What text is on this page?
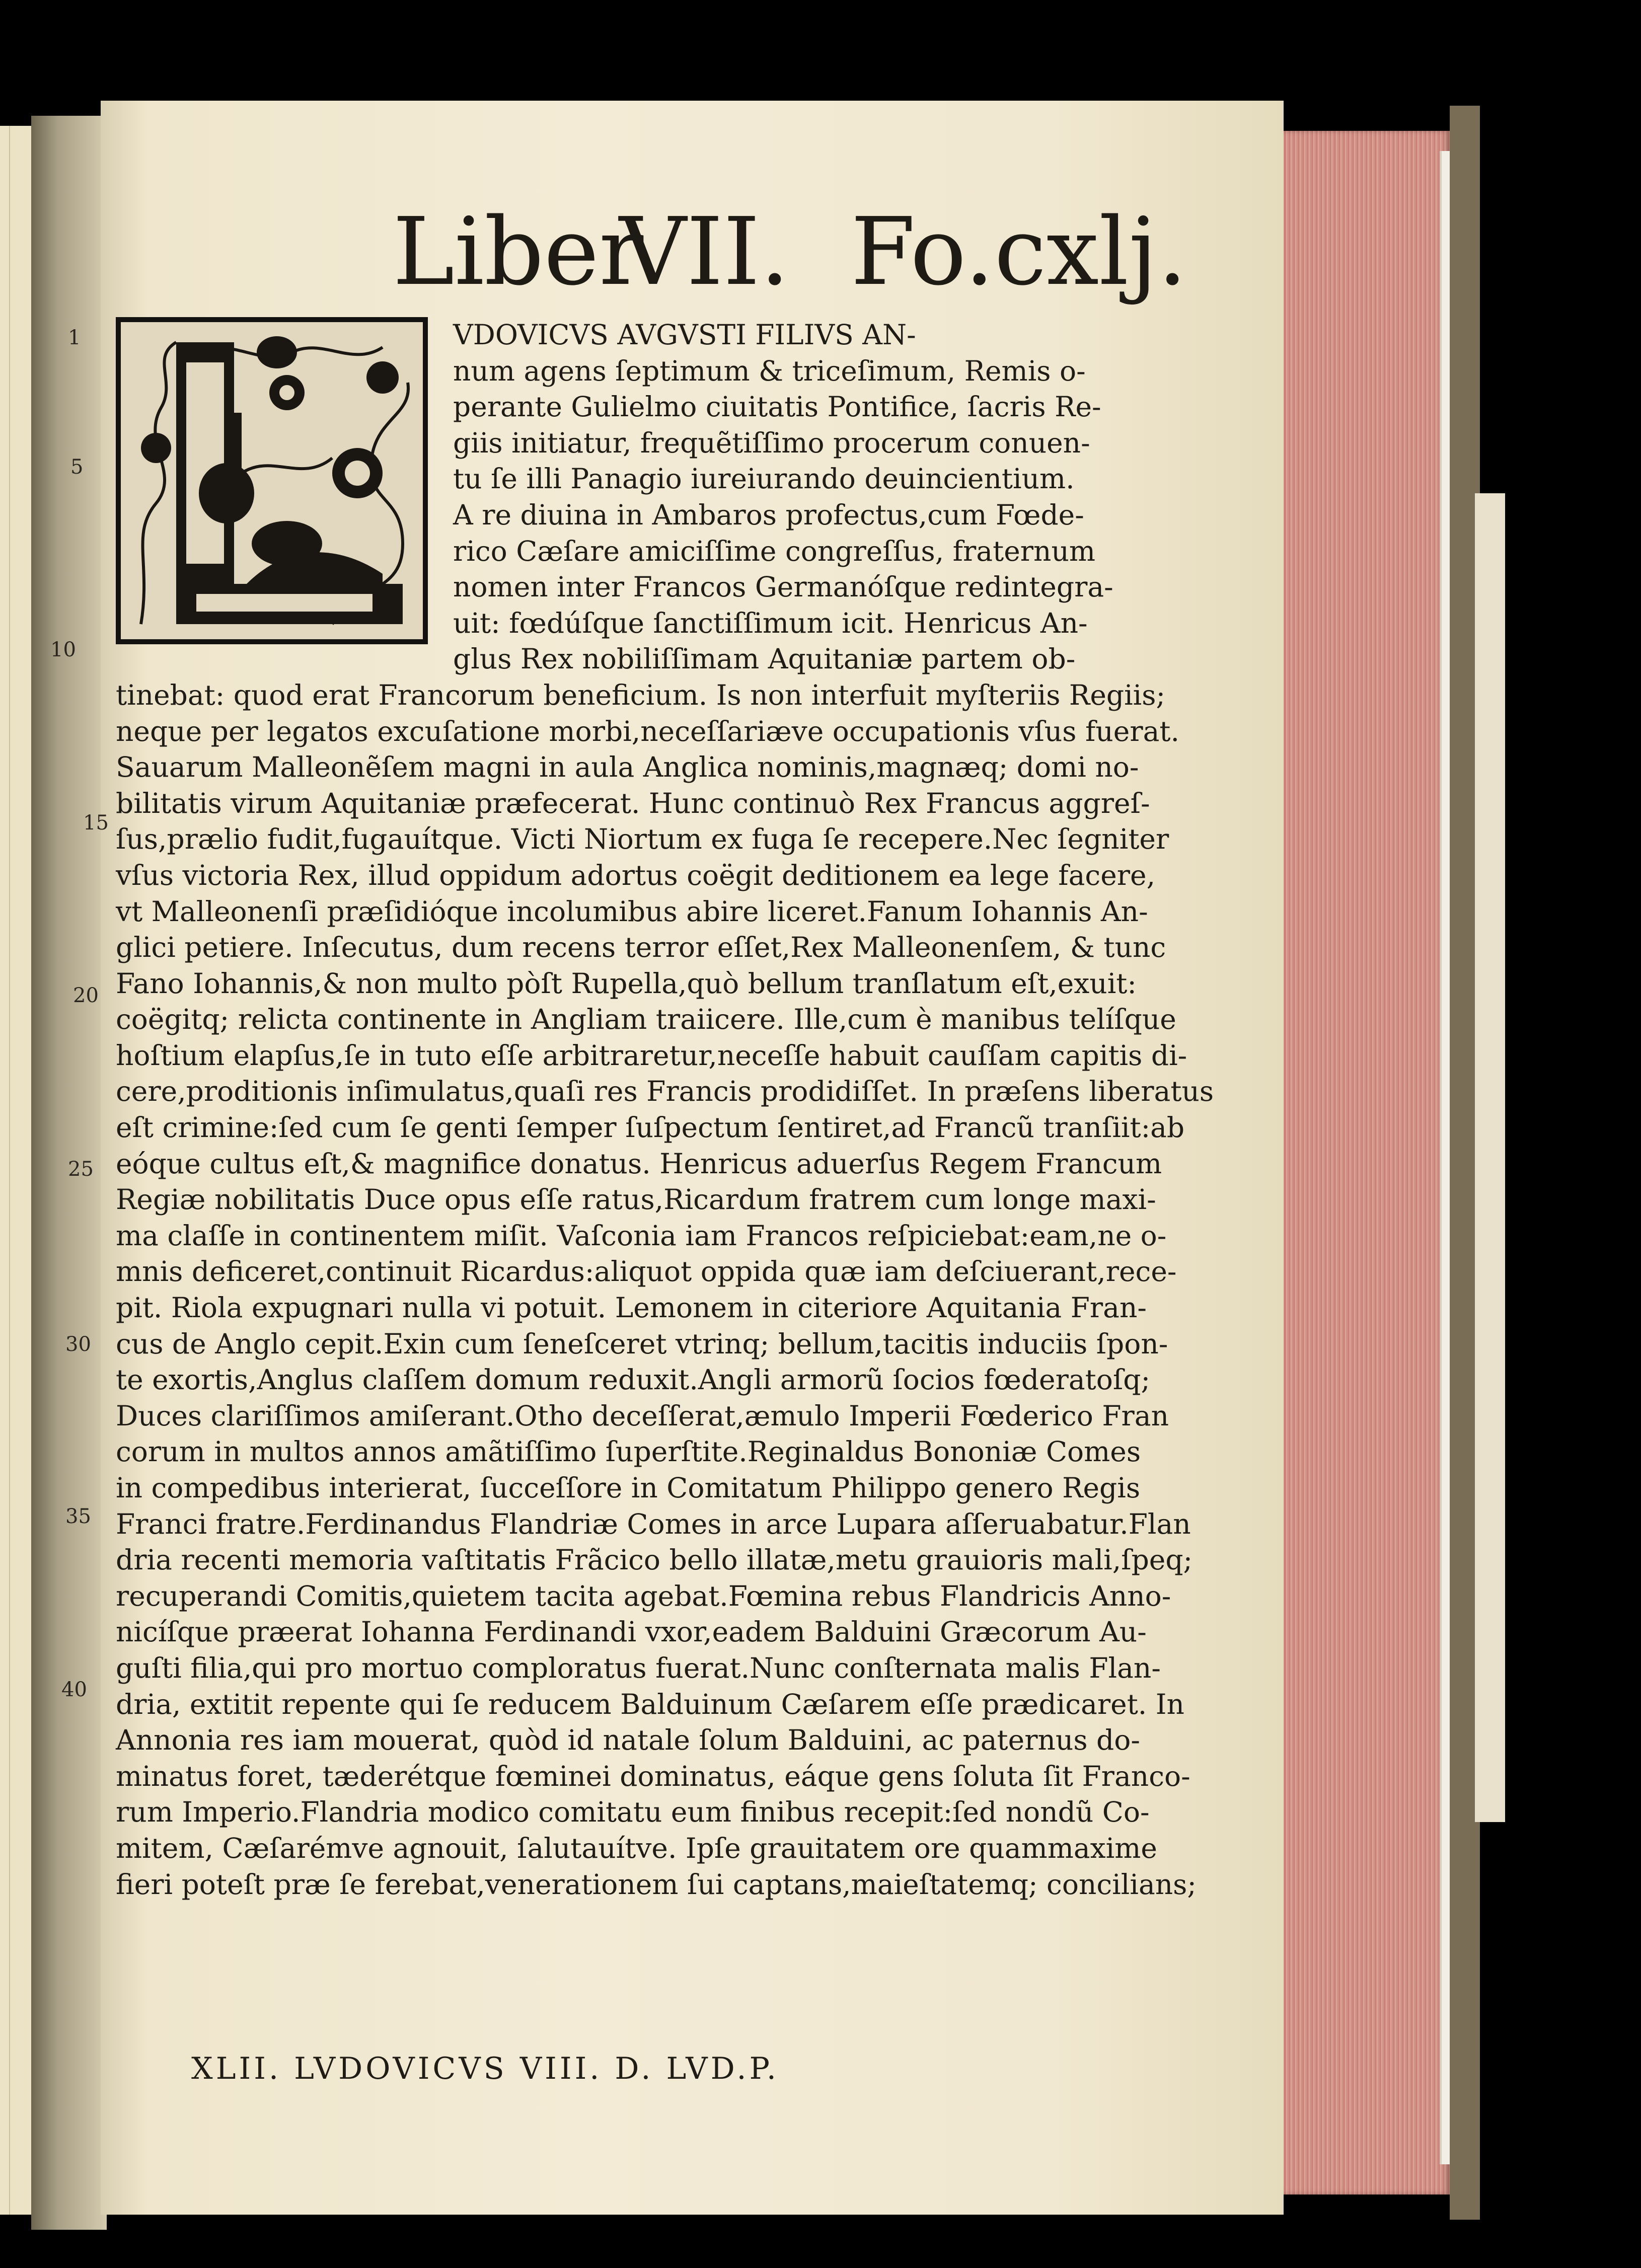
Liber
VII. Fo.cxlj.
1
5
10
15
20
25
30
35
40
VDOVICVS AVGVSTI FILIVS AN-
num agens ſeptimum & triceſimum, Remis o-
perante Gulielmo ciuitatis Pontifice, ſacris Re-
giis initiatur, frequẽtiſſimo procerum conuen-
tu ſe illi Panagio iureiurando deuincientium.
A re diuina in Ambaros profectus,cum Fœde-
rico Cæſare amiciſſime congreſſus, fraternum
nomen inter Francos Germanóſque redintegra-
uit: fœdúſque ſanctiſſimum icit. Henricus An-
glus Rex nobiliſſimam Aquitaniæ partem ob-
tinebat: quod erat Francorum beneficium. Is non interfuit myſteriis Regiis;
neque per legatos excuſatione morbi,neceſſariæve occupationis vſus fuerat.
Sauarum Malleonẽſem magni in aula Anglica nominis,magnæq; domi no-
bilitatis virum Aquitaniæ præfecerat. Hunc continuò Rex Francus aggreſ-
ſus,prælio fudit,fugauítque. Victi Niortum ex fuga ſe recepere.Nec ſegniter
vſus victoria Rex, illud oppidum adortus coëgit deditionem ea lege facere,
vt Malleonenſi præſidióque incolumibus abire liceret.Fanum Iohannis An-
glici petiere. Inſecutus, dum recens terror eſſet,Rex Malleonenſem, & tunc
Fano Iohannis,& non multo pòſt Rupella,quò bellum tranſlatum eſt,exuit:
coëgitq; relicta continente in Angliam traiicere. Ille,cum è manibus telíſque
hoſtium elapſus,ſe in tuto eſſe arbitraretur,neceſſe habuit cauſſam capitis di-
cere,proditionis inſimulatus,quaſi res Francis prodidiſſet. In præſens liberatus
eſt crimine:ſed cum ſe genti ſemper ſuſpectum ſentiret,ad Francũ tranſiit:ab
eóque cultus eſt,& magnifice donatus. Henricus aduerſus Regem Francum
Regiæ nobilitatis Duce opus eſſe ratus,Ricardum fratrem cum longe maxi-
ma claſſe in continentem miſit. Vaſconia iam Francos reſpiciebat:eam,ne o-
mnis deficeret,continuit Ricardus:aliquot oppida quæ iam deſciuerant,rece-
pit. Riola expugnari nulla vi potuit. Lemonem in citeriore Aquitania Fran-
cus de Anglo cepit.Exin cum ſeneſceret vtrinq; bellum,tacitis induciis ſpon-
te exortis,Anglus claſſem domum reduxit.Angli armorũ ſocios fœderatoſq;
Duces clariſſimos amiſerant.Otho deceſſerat,æmulo Imperii Fœderico Fran
corum in multos annos amãtiſſimo ſuperſtite.Reginaldus Bononiæ Comes
in compedibus interierat, ſucceſſore in Comitatum Philippo genero Regis
Franci fratre.Ferdinandus Flandriæ Comes in arce Lupara aſſeruabatur.Flan
dria recenti memoria vaſtitatis Frãcico bello illatæ,metu grauioris mali,ſpeq;
recuperandi Comitis,quietem tacita agebat.Fœmina rebus Flandricis Anno-
nicíſque præerat Iohanna Ferdinandi vxor,eadem Balduini Græcorum Au-
guſti filia,qui pro mortuo comploratus fuerat.Nunc conſternata malis Flan-
dria, extitit repente qui ſe reducem Balduinum Cæſarem eſſe prædicaret. In
Annonia res iam mouerat, quòd id natale ſolum Balduini, ac paternus do-
minatus foret, tæderétque fœminei dominatus, eáque gens ſoluta ſit Franco-
rum Imperio.Flandria modico comitatu eum finibus recepit:ſed nondũ Co-
mitem, Cæſarémve agnouit, ſalutauítve. Ipſe grauitatem ore quammaxime
fieri poteſt præ ſe ferebat,venerationem ſui captans,maieſtatemq; concilians;
XLII. LVDOVICVS VIII. D. LVD.P.
